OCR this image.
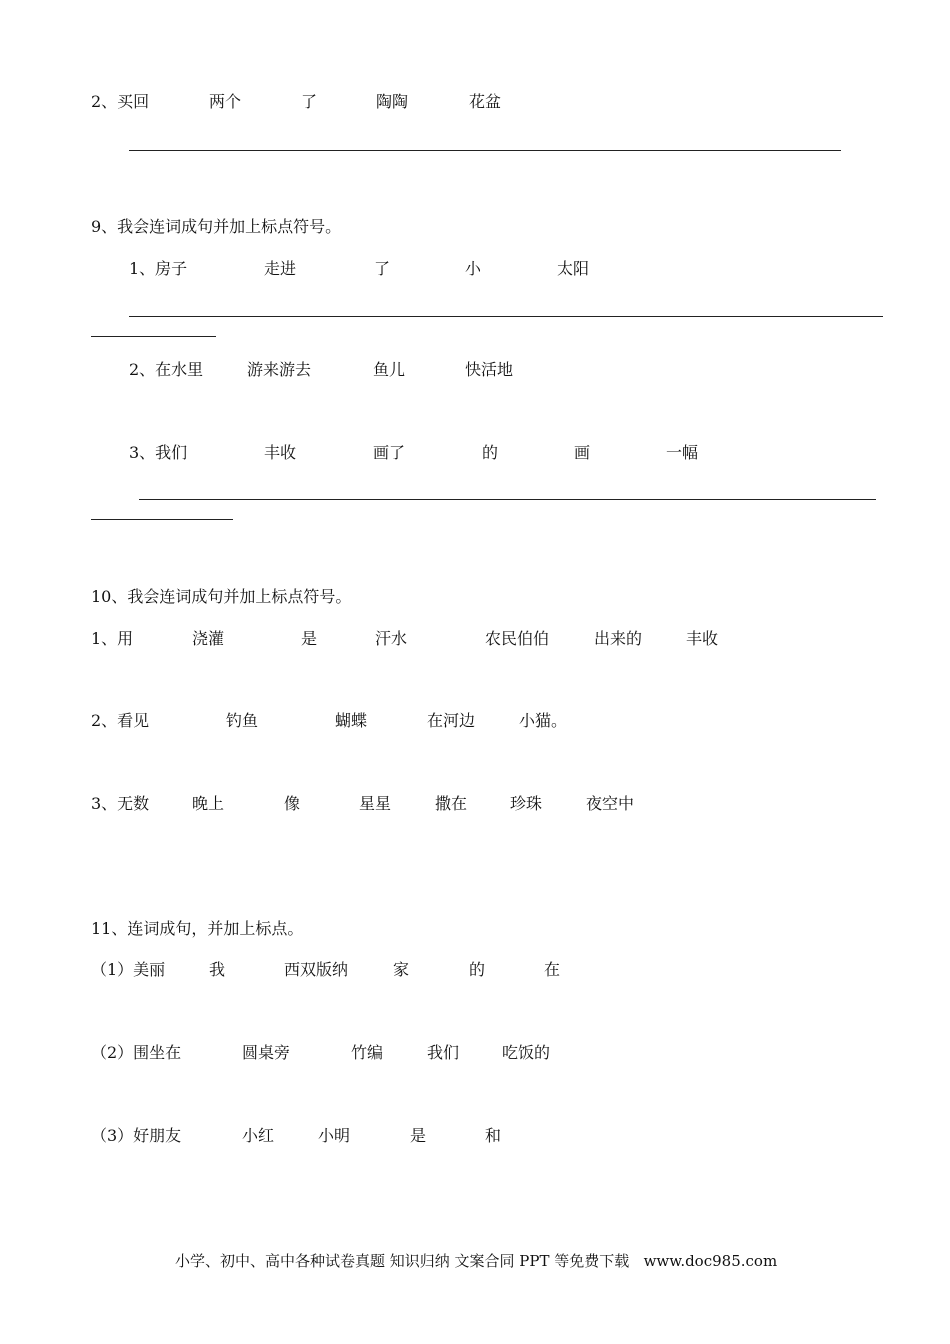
2、买回	两个	了	陶陶	花盆
9、我会连词成句并加上标点符号。
1、房子	走进	了	小	太阳
2、在水里	游来游去	鱼儿	快活地
3、我们	丰收	画了	的	画	一幅
10、我会连词成句并加上标点符号。
1、用	浇灌	是	汗水	农民伯伯	出来的	丰收
2、看见	钓鱼	蝴蝶	在河边	小猫。
3、无数	晚上	像	星星	撒在	珍珠	夜空中
11、连词成句，并加上标点。
（1）美丽	我	西双版纳	家	的	在
（2）围坐在	圆桌旁	竹编	我们	吃饭的
（3）好朋友	小红	小明	是	和
小学、初中、高中各种试卷真题 知识归纳 文案合同 PPT 等免费下载 www.doc985.com
